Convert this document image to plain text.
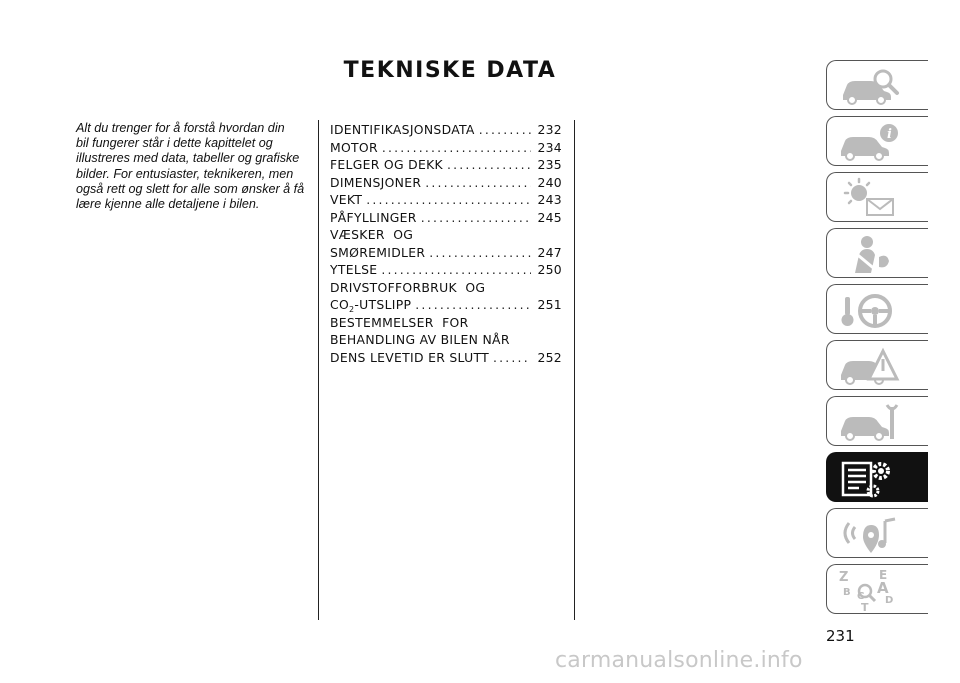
TEKNISKE DATA
Alt du trenger for å forstå hvordan din
bil fungerer står i dette kapittelet og
illustreres med data, tabeller og grafiske
bilder. For entusiaster, teknikeren, men
også rett og slett for alle som ønsker å få
lære kjenne alle detaljene i bilen.
IDENTIFIKASJONSDATA .....	232
MOTOR .....	234
FELGER OG DEKK .....	235
DIMENSJONER .....	240
VEKT .....	243
PÅFYLLINGER .....	245
VÆSKER  OG
SMØREMIDLER .....	247
YTELSE .....	250
DRIVSTOFFORBRUK  OG
$CO_2$-UTSLIPP .....	251
BESTEMMELSER  FOR
BEHANDLING AV BILEN NÅR
DENS LEVETID ER SLUTT .....	252
i
Z	E
A
B C D
T
231
carmanualsonline.info
